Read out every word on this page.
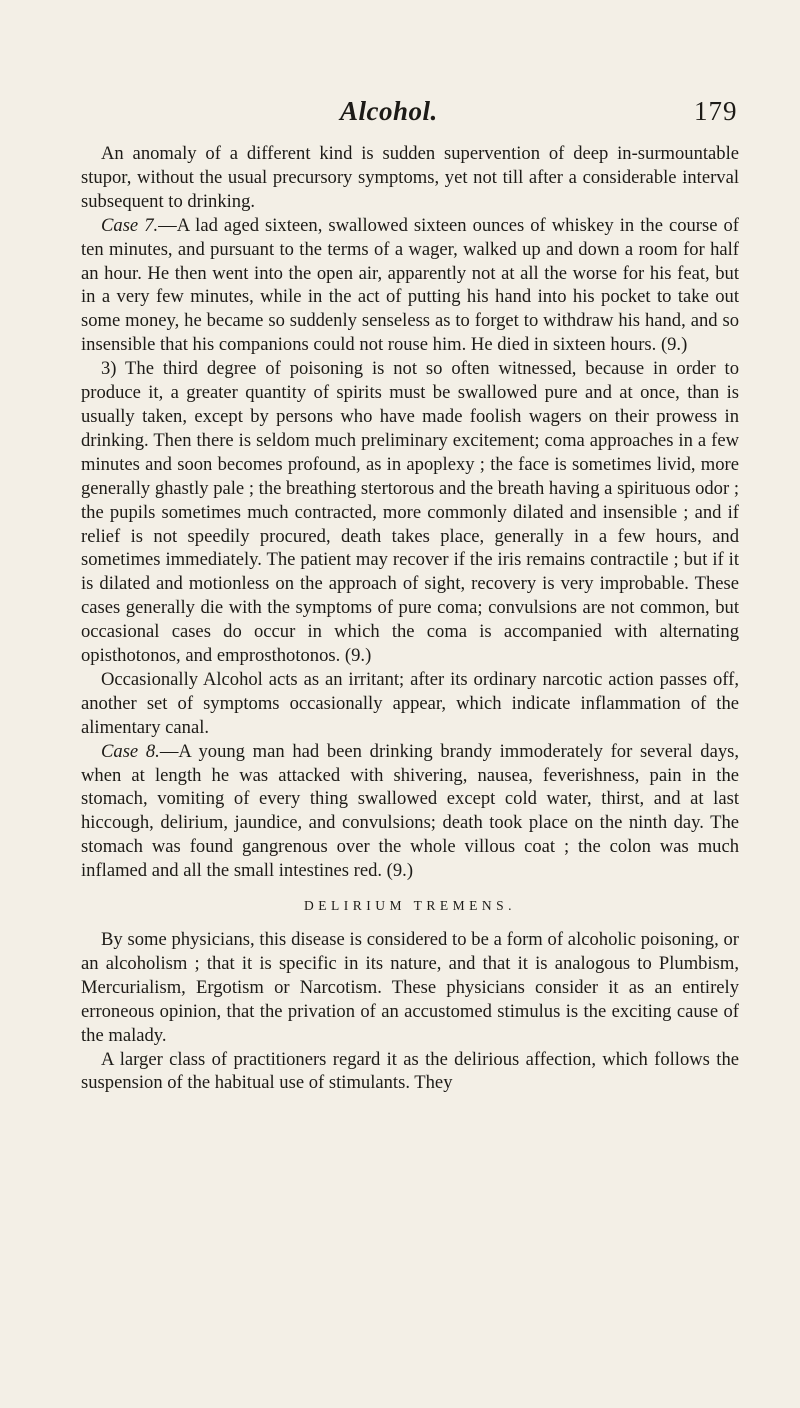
Alcohol.	179

An anomaly of a different kind is sudden supervention of deep in-surmountable stupor, without the usual precursory symptoms, yet not till after a considerable interval subsequent to drinking.

Case 7.—A lad aged sixteen, swallowed sixteen ounces of whiskey in the course of ten minutes, and pursuant to the terms of a wager, walked up and down a room for half an hour. He then went into the open air, apparently not at all the worse for his feat, but in a very few minutes, while in the act of putting his hand into his pocket to take out some money, he became so suddenly senseless as to forget to withdraw his hand, and so insensible that his companions could not rouse him. He died in sixteen hours. (9.)

3) The third degree of poisoning is not so often witnessed, because in order to produce it, a greater quantity of spirits must be swallowed pure and at once, than is usually taken, except by persons who have made foolish wagers on their prowess in drinking. Then there is seldom much preliminary excitement; coma approaches in a few minutes and soon becomes profound, as in apoplexy ; the face is sometimes livid, more generally ghastly pale ; the breathing stertorous and the breath having a spirituous odor ; the pupils sometimes much contracted, more commonly dilated and insensible ; and if relief is not speedily procured, death takes place, generally in a few hours, and sometimes immediately. The patient may recover if the iris remains contractile ; but if it is dilated and motionless on the approach of sight, recovery is very improbable. These cases generally die with the symptoms of pure coma; convulsions are not common, but occasional cases do occur in which the coma is accompanied with alternating opisthotonos, and emprosthotonos. (9.)

Occasionally Alcohol acts as an irritant; after its ordinary narcotic action passes off, another set of symptoms occasionally appear, which indicate inflammation of the alimentary canal.

Case 8.—A young man had been drinking brandy immoderately for several days, when at length he was attacked with shivering, nausea, feverishness, pain in the stomach, vomiting of every thing swallowed except cold water, thirst, and at last hiccough, delirium, jaundice, and convulsions; death took place on the ninth day. The stomach was found gangrenous over the whole villous coat ; the colon was much inflamed and all the small intestines red. (9.)

DELIRIUM TREMENS.

By some physicians, this disease is considered to be a form of alcoholic poisoning, or an alcoholism ; that it is specific in its nature, and that it is analogous to Plumbism, Mercurialism, Ergotism or Narcotism. These physicians consider it as an entirely erroneous opinion, that the privation of an accustomed stimulus is the exciting cause of the malady.

A larger class of practitioners regard it as the delirious affection, which follows the suspension of the habitual use of stimulants. They
